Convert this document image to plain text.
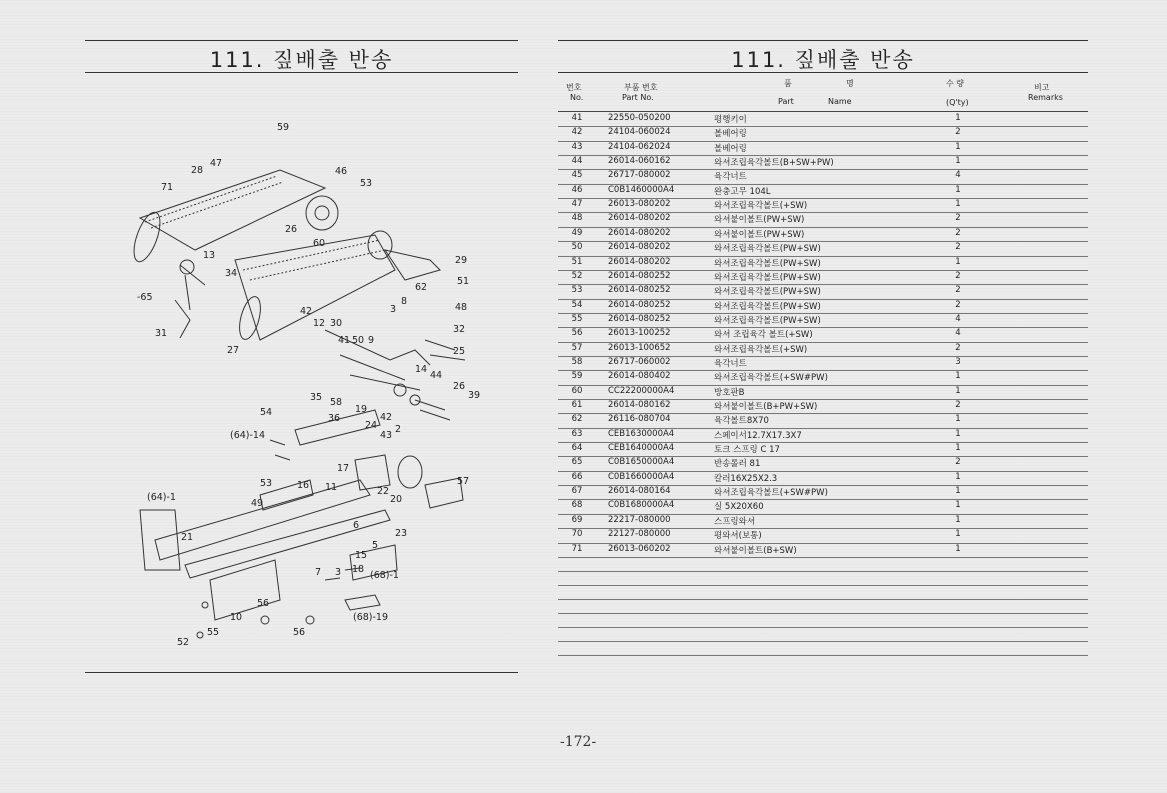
111. 짚배출 반송
59
47
28
71
46
53
26
60
13
34
-65
29
51
62
8
3	48
42
12 30
32
31
27
41 50 9
25
14
44
26
39
35 58
19
42
43
54
36
24 2
(64)-14
17
53	16 11	22
20
57
(64)-1
49
21	23
6
5
15
7 3 18
(68)-1
(68)-19
10
56
55
52
56
111. 짚배출 반송
번호
No.
부품 번호
Part No.
품	명
Part	Name
수 량
(Q'ty)
비고
Remarks
41	22550-050200	평행키이	1
42	24104-060024	볼베어링	2
43	24104-062024	볼베어링	1
44	26014-060162	와셔조립육각볼트(B+SW+PW)	1
45	26717-080002	육각너트	4
46	C0B1460000A4	완충고무 104L	1
47	26013-080202	와셔조립육각볼트(+SW)	1
48	26014-080202	와셔붙이볼트(PW+SW)	2
49	26014-080202	와셔붙이볼트(PW+SW)	2
50	26014-080202	와셔조립육각볼트(PW+SW)	2
51	26014-080202	와셔조립육각볼트(PW+SW)	1
52	26014-080252	와셔조립육각볼트(PW+SW)	2
53	26014-080252	와셔조립육각볼트(PW+SW)	2
54	26014-080252	와셔조립육각볼트(PW+SW)	2
55	26014-080252	와셔조립육각볼트(PW+SW)	4
56	26013-100252	와셔 조립육각 볼트(+SW)	4
57	26013-100652	와셔조립육각볼트(+SW)	2
58	26717-060002	육각너트	3
59	26014-080402	와셔조립육각볼트(+SW#PW)	1
60	CC22200000A4	방호판B	1
61	26014-080162	와셔붙이볼트(B+PW+SW)	2
62	26116-080704	육각볼트8X70	1
63	CEB1630000A4	스페이서12.7X17.3X7	1
64	CEB1640000A4	토크 스프링 C 17	1
65	C0B1650000A4	반송롤러 81	2
66	C0B1660000A4	칼러16X25X2.3	1
67	26014-080164	와셔조립육각볼트(+SW#PW)	1
68	C0B1680000A4	실 5X20X60	1
69	22217-080000	스프링와셔	1
70	22127-080000	평와셔(보통)	1
71	26013-060202	와셔붙이볼트(B+SW)	1
-172-
